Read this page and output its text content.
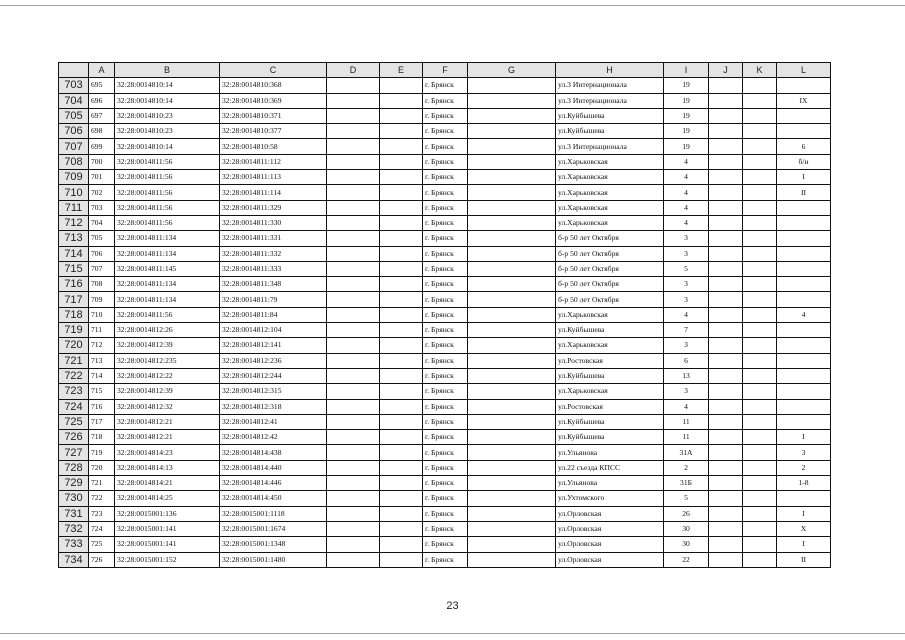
	A	B	C	D	E	F	G	H	I	J	K	L
703	695	32:28:0014810:14	32:28:0014810:368			г. Брянск		ул.3 Интернационала	19			
704	696	32:28:0014810:14	32:28:0014810:369			г. Брянск		ул.3 Интернационала	19			IX
705	697	32:28:0014810:23	32:28:0014810:371			г. Брянск		ул.Куйбышева	19			
706	698	32:28:0014810:23	32:28:0014810:377			г. Брянск		ул.Куйбышева	19			
707	699	32:28:0014810:14	32:28:0014810:58			г. Брянск		ул.3 Интернационала	19			6
708	700	32:28:0014811:56	32:28:0014811:112			г. Брянск		ул.Харьковская	4			б/н
709	701	32:28:0014811:56	32:28:0014811:113			г. Брянск		ул.Харьковская	4			I
710	702	32:28:0014811:56	32:28:0014811:114			г. Брянск		ул.Харьковская	4			II
711	703	32:28:0014811:56	32:28:0014811:329			г. Брянск		ул.Харьковская	4			
712	704	32:28:0014811:56	32:28:0014811:330			г. Брянск		ул.Харьковская	4			
713	705	32:28:0014811:134	32:28:0014811:331			г. Брянск		б-р 50 лет Октября	3			
714	706	32:28:0014811:134	32:28:0014811:332			г. Брянск		б-р 50 лет Октября	3			
715	707	32:28:0014811:145	32:28:0014811:333			г. Брянск		б-р 50 лет Октября	5			
716	708	32:28:0014811:134	32:28:0014811:348			г. Брянск		б-р 50 лет Октября	3			
717	709	32:28:0014811:134	32:28:0014811:79			г. Брянск		б-р 50 лет Октября	3			
718	710	32:28:0014811:56	32:28:0014811:84			г. Брянск		ул.Харьковская	4			4
719	711	32:28:0014812:26	32:28:0014812:104			г. Брянск		ул.Куйбышева	7			
720	712	32:28:0014812:39	32:28:0014812:141			г. Брянск		ул.Харьковская	3			
721	713	32:28:0014812:235	32:28:0014812:236			г. Брянск		ул.Ростовская	6			
722	714	32:28:0014812:22	32:28:0014812:244			г. Брянск		ул.Куйбышева	13			
723	715	32:28:0014812:39	32:28:0014812:315			г. Брянск		ул.Харьковская	3			
724	716	32:28:0014812:32	32:28:0014812:318			г. Брянск		ул.Ростовская	4			
725	717	32:28:0014812:21	32:28:0014812:41			г. Брянск		ул.Куйбышева	11			
726	718	32:28:0014812:21	32:28:0014812:42			г. Брянск		ул.Куйбышева	11			I
727	719	32:28:0014814:23	32:28:0014814:438			г. Брянск		ул.Ульянова	31А			3
728	720	32:28:0014814:13	32:28:0014814:440			г. Брянск		ул.22 съезда КПСС	2			2
729	721	32:28:0014814:21	32:28:0014814:446			г. Брянск		ул.Ульянова	31Б			1-8
730	722	32:28:0014814:25	32:28:0014814:450			г. Брянск		ул.Ухтомского	5			
731	723	32:28:0015001:136	32:28:0015001:1118			г. Брянск		ул.Орловская	26			I
732	724	32:28:0015001:141	32:28:0015001:1674			г. Брянск		ул.Орловская	30			X
733	725	32:28:0015001:141	32:28:0015001:1348			г. Брянск		ул.Орловская	30			I
734	726	32:28:0015001:152	32:28:0015001:1480			г. Брянск		ул.Орловская	22			II
23
